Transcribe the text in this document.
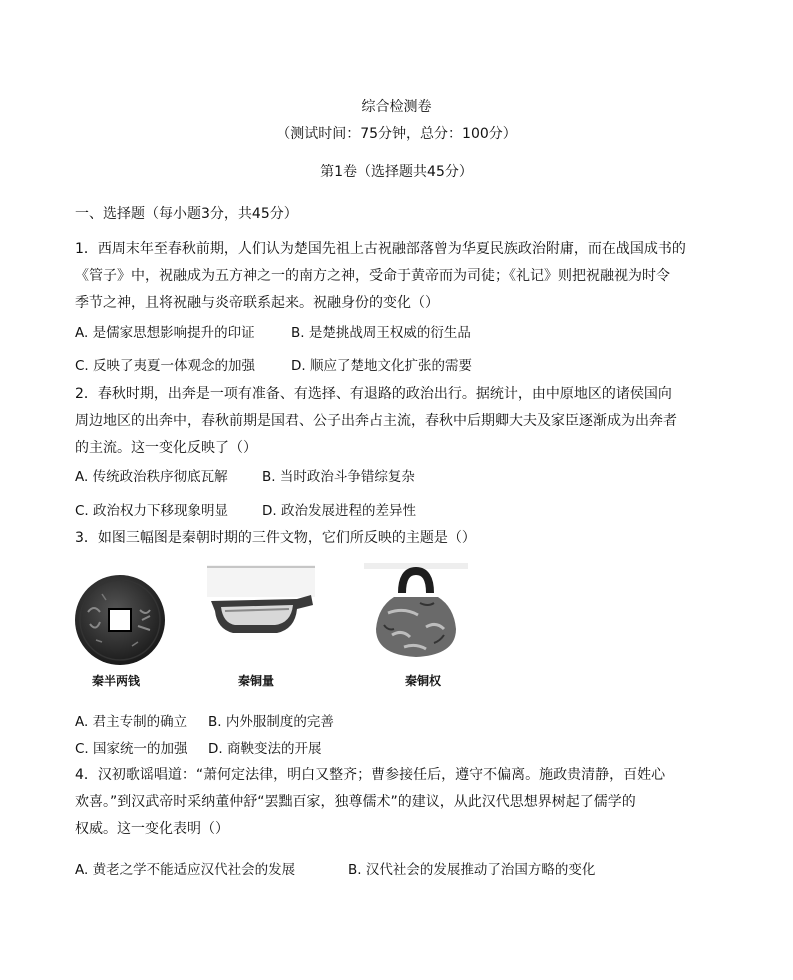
综合检测卷
（测试时间：75分钟，总分：100分）
第1卷（选择题共45分）
一、选择题（每小题3分，共45分）
1．西周末年至春秋前期，人们认为楚国先祖上古祝融部落曾为华夏民族政治附庸，而在战国成书的
《管子》中，祝融成为五方神之一的南方之神，受命于黄帝而为司徒；《礼记》则把祝融视为时令
季节之神，且将祝融与炎帝联系起来。祝融身份的变化（）
A. 是儒家思想影响提升的印证	B. 是楚挑战周王权威的衍生品
C. 反映了夷夏一体观念的加强	D. 顺应了楚地文化扩张的需要
2．春秋时期，出奔是一项有准备、有选择、有退路的政治出行。据统计，由中原地区的诸侯国向
周边地区的出奔中，春秋前期是国君、公子出奔占主流，春秋中后期卿大夫及家臣逐渐成为出奔者
的主流。这一变化反映了（）
A. 传统政治秩序彻底瓦解	B. 当时政治斗争错综复杂
C. 政治权力下移现象明显	D. 政治发展进程的差异性
3．如图三幅图是秦朝时期的三件文物，它们所反映的主题是（）
秦半两钱	秦铜量	秦铜权
A. 君主专制的确立 B. 内外服制度的完善
C. 国家统一的加强 D. 商鞅变法的开展
4．汉初歌谣唱道：“萧何定法律，明白又整齐；曹参接任后，遵守不偏离。施政贵清静，百姓心
欢喜。”到汉武帝时采纳董仲舒“罢黜百家，独尊儒术”的建议，从此汉代思想界树起了儒学的
权威。这一变化表明（）
A. 黄老之学不能适应汉代社会的发展	B. 汉代社会的发展推动了治国方略的变化
